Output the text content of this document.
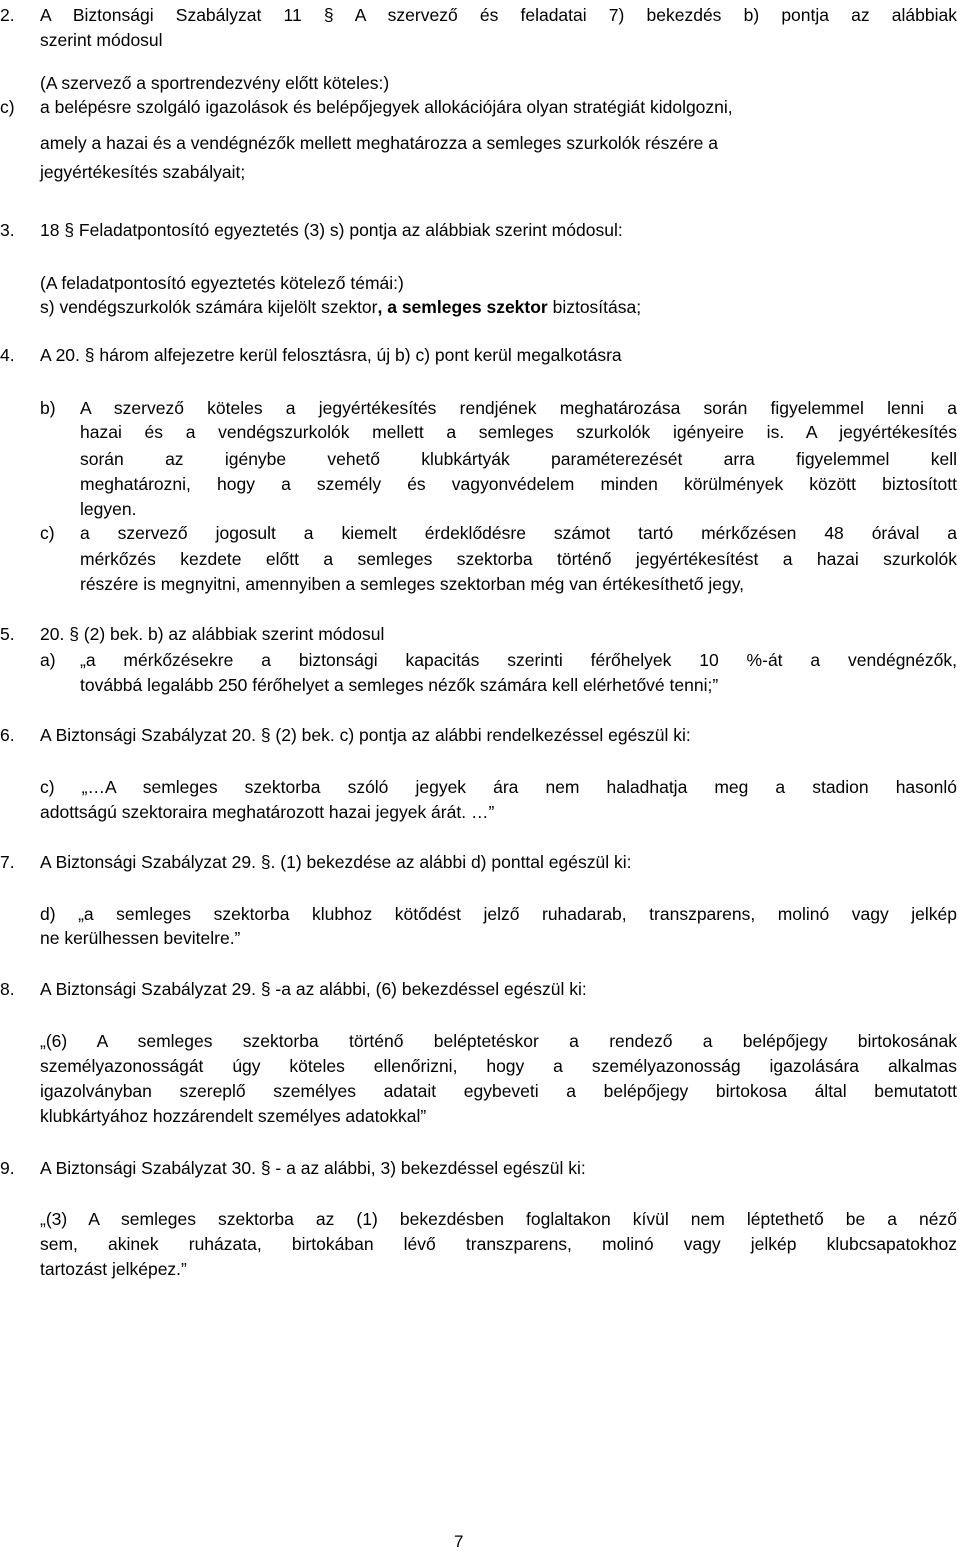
2. A Biztonsági Szabályzat 11 § A szervező és feladatai 7) bekezdés b) pontja az alábbiak
szerint módosul
(A szervező a sportrendezvény előtt köteles:)
c) a belépésre szolgáló igazolások és belépőjegyek allokációjára olyan stratégiát kidolgozni,
amely a hazai és a vendégnézők mellett meghatározza a semleges szurkolók részére a
jegyértékesítés szabályait;
3. 18 § Feladatpontosító egyeztetés (3) s) pontja az alábbiak szerint módosul:
(A feladatpontosító egyeztetés kötelező témái:)
s) vendégszurkolók számára kijelölt szektor, a semleges szektor biztosítása;
4. A 20. § három alfejezetre kerül felosztásra, új b) c) pont kerül megalkotásra
b) A szervező köteles a jegyértékesítés rendjének meghatározása során figyelemmel lenni a
hazai és a vendégszurkolók mellett a semleges szurkolók igényeire is. A jegyértékesítés
során az igénybe vehető klubkártyák paraméterezését arra figyelemmel kell
meghatározni, hogy a személy és vagyonvédelem minden körülmények között biztosított
legyen.
c) a szervező jogosult a kiemelt érdeklődésre számot tartó mérkőzésen 48 órával a
mérkőzés kezdete előtt a semleges szektorba történő jegyértékesítést a hazai szurkolók
részére is megnyitni, amennyiben a semleges szektorban még van értékesíthető jegy,
5. 20. § (2) bek. b) az alábbiak szerint módosul
a) „a mérkőzésekre a biztonsági kapacitás szerinti férőhelyek 10 %-át a vendégnézők,
továbbá legalább 250 férőhelyet a semleges nézők számára kell elérhetővé tenni;”
6. A Biztonsági Szabályzat 20. § (2) bek. c) pontja az alábbi rendelkezéssel egészül ki:
c) „…A semleges szektorba szóló jegyek ára nem haladhatja meg a stadion hasonló
adottságú szektoraira meghatározott hazai jegyek árát. …”
7. A Biztonsági Szabályzat 29. §. (1) bekezdése az alábbi d) ponttal egészül ki:
d) „a semleges szektorba klubhoz kötődést jelző ruhadarab, transzparens, molinó vagy jelkép
ne kerülhessen bevitelre.”
8. A Biztonsági Szabályzat 29. § -a az alábbi, (6) bekezdéssel egészül ki:
„(6) A semleges szektorba történő beléptetéskor a rendező a belépőjegy birtokosának
személyazonosságát úgy köteles ellenőrizni, hogy a személyazonosság igazolására alkalmas
igazolványban szereplő személyes adatait egybeveti a belépőjegy birtokosa által bemutatott
klubkártyához hozzárendelt személyes adatokkal”
9. A Biztonsági Szabályzat 30. § - a az alábbi, 3) bekezdéssel egészül ki:
„(3) A semleges szektorba az (1) bekezdésben foglaltakon kívül nem léptethető be a néző
sem, akinek ruházata, birtokában lévő transzparens, molinó vagy jelkép klubcsapatokhoz
tartozást jelképez.”
7
